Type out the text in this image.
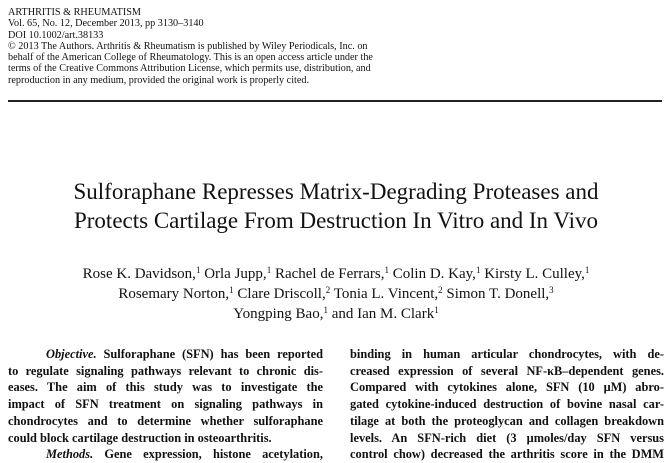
ARTHRITIS & RHEUMATISM
Vol. 65, No. 12, December 2013, pp 3130–3140
DOI 10.1002/art.38133
© 2013 The Authors. Arthritis & Rheumatism is published by Wiley Periodicals, Inc. on
behalf of the American College of Rheumatology. This is an open access article under the
terms of the Creative Commons Attribution License, which permits use, distribution, and
reproduction in any medium, provided the original work is properly cited.
Sulforaphane Represses Matrix-Degrading Proteases and
Protects Cartilage From Destruction In Vitro and In Vivo
Rose K. Davidson,$^1$ Orla Jupp,$^1$ Rachel de Ferrars,$^1$ Colin D. Kay,$^1$ Kirsty L. Culley,$^1$
Rosemary Norton,$^1$ Clare Driscoll,$^2$ Tonia L. Vincent,$^2$ Simon T. Donell,$^3$
Yongping Bao,$^1$ and Ian M. Clark$^1$
Objective. Sulforaphane (SFN) has been reported
to regulate signaling pathways relevant to chronic dis-
eases. The aim of this study was to investigate the
impact of SFN treatment on signaling pathways in
chondrocytes and to determine whether sulforaphane
could block cartilage destruction in osteoarthritis.
Methods. Gene expression, histone acetylation,
binding in human articular chondrocytes, with de-
creased expression of several NF-κB–dependent genes.
Compared with cytokines alone, SFN (10 μM) abro-
gated cytokine-induced destruction of bovine nasal car-
tilage at both the proteoglycan and collagen breakdown
levels. An SFN-rich diet (3 μmoles/day SFN versus
control chow) decreased the arthritis score in the DMM
